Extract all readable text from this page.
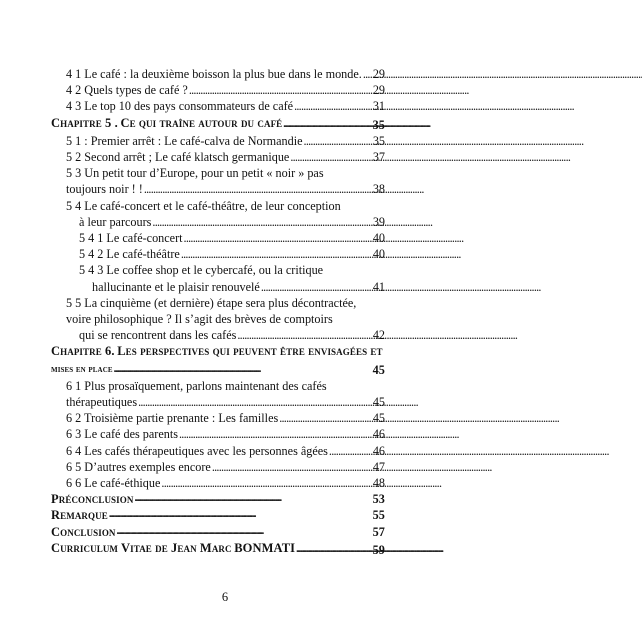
4 1 Le café : la deuxième boisson la plus bue dans le monde. . . . 29
4 2 Quels types de café ? . . .	29
4 3 Le top 10 des pays consommateurs de café . . .	31
Chapitre 5 . Ce qui traîne autour du café . . .	35
5 1 : Premier arrêt : Le café-calva de Normandie . . .	35
5 2 Second arrêt ; Le café klatsch germanique . . .	37
5 3 Un petit tour d’Europe, pour un petit « noir » pas
toujours noir ! ! . . .	38
5 4 Le café-concert et le café-théâtre, de leur conception
à leur parcours . . .	39
5 4 1 Le café-concert . . .	40
5 4 2 Le café-théâtre . . .	40
5 4 3 Le coffee shop et le cybercafé, ou la critique
hallucinante et le plaisir renouvelé . . .	41
5 5 La cinquième (et dernière) étape sera plus décontractée,
voire philosophique ? Il s’agit des brèves de comptoirs
qui se rencontrent dans les cafés . . .	42
Chapitre 6. Les perspectives qui peuvent être envisagées et
mises en place . . .	45
6 1 Plus prosaïquement, parlons maintenant des cafés
thérapeutiques . . .	45
6 2 Troisième partie prenante : Les familles . . .	45
6 3 Le café des parents . . .	46
6 4 Les cafés thérapeutiques avec les personnes âgées . . .	46
6 5 D’autres exemples encore . . .	47
6 6 Le café-éthique . . .	48
Préconclusion . . .	53
Remarque . . .	55
Conclusion . . .	57
Curriculum Vitae de Jean Marc BONMATI . . .	59
6
